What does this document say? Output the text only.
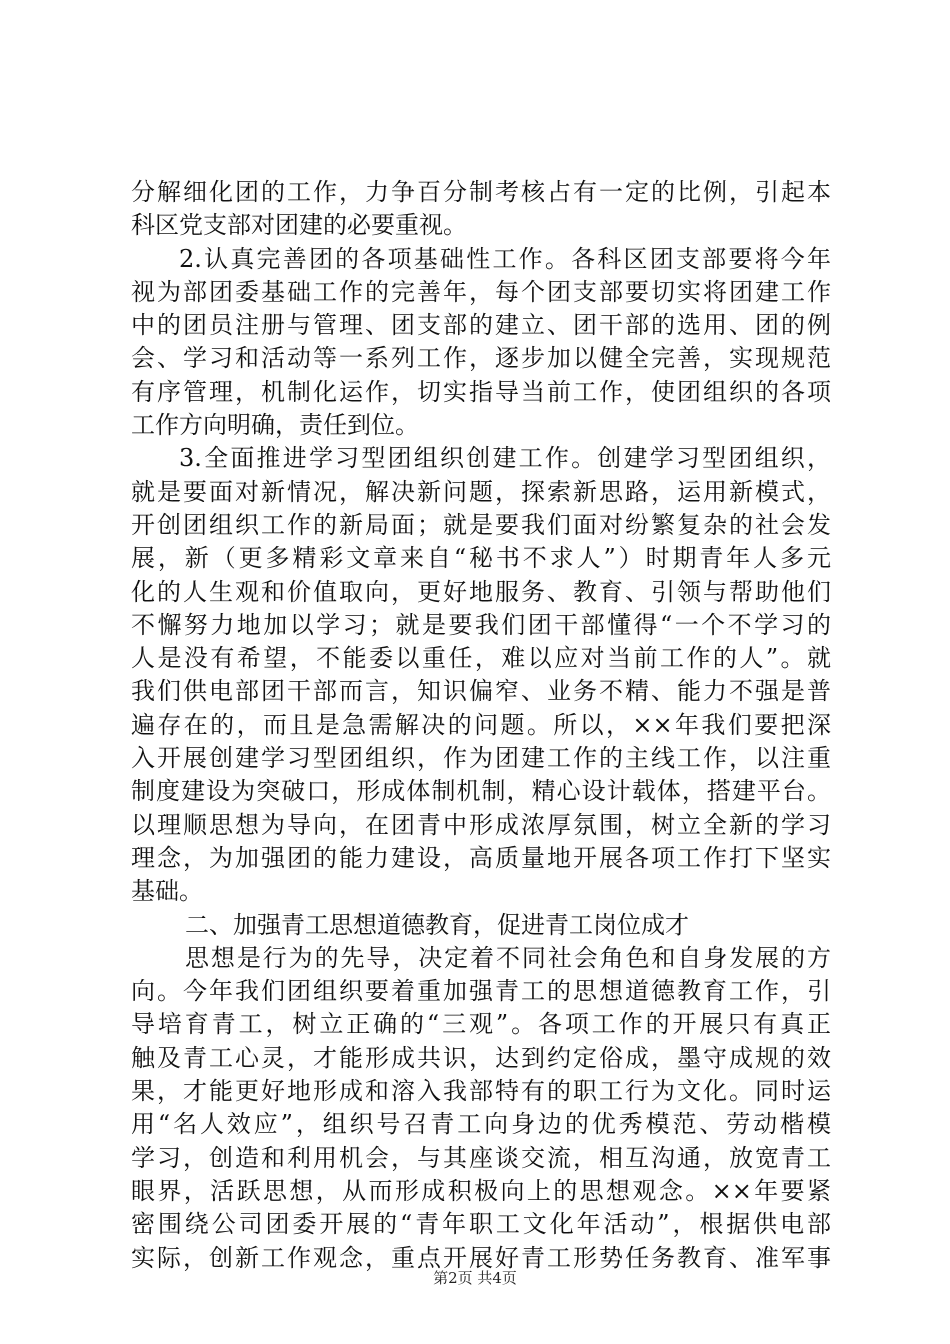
分解细化团的工作，力争百分制考核占有一定的比例，引起本
科区党支部对团建的必要重视。
2.认真完善团的各项基础性工作。各科区团支部要将今年
视为部团委基础工作的完善年，每个团支部要切实将团建工作
中的团员注册与管理、团支部的建立、团干部的选用、团的例
会、学习和活动等一系列工作，逐步加以健全完善，实现规范
有序管理，机制化运作，切实指导当前工作，使团组织的各项
工作方向明确，责任到位。
3.全面推进学习型团组织创建工作。创建学习型团组织，
就是要面对新情况，解决新问题，探索新思路，运用新模式，
开创团组织工作的新局面；就是要我们面对纷繁复杂的社会发
展，新（更多精彩文章来自“秘书不求人”）时期青年人多元
化的人生观和价值取向，更好地服务、教育、引领与帮助他们
不懈努力地加以学习；就是要我们团干部懂得“一个不学习的
人是没有希望，不能委以重任，难以应对当前工作的人”。就
我们供电部团干部而言，知识偏窄、业务不精、能力不强是普
遍存在的，而且是急需解决的问题。所以，××年我们要把深
入开展创建学习型团组织，作为团建工作的主线工作，以注重
制度建设为突破口，形成体制机制，精心设计载体，搭建平台。
以理顺思想为导向，在团青中形成浓厚氛围，树立全新的学习
理念，为加强团的能力建设，高质量地开展各项工作打下坚实
基础。
二、加强青工思想道德教育，促进青工岗位成才
思想是行为的先导，决定着不同社会角色和自身发展的方
向。今年我们团组织要着重加强青工的思想道德教育工作，引
导培育青工，树立正确的“三观”。各项工作的开展只有真正
触及青工心灵，才能形成共识，达到约定俗成，墨守成规的效
果，才能更好地形成和溶入我部特有的职工行为文化。同时运
用“名人效应”，组织号召青工向身边的优秀模范、劳动楷模
学习，创造和利用机会，与其座谈交流，相互沟通，放宽青工
眼界，活跃思想，从而形成积极向上的思想观念。××年要紧
密围绕公司团委开展的“青年职工文化年活动”，根据供电部
实际，创新工作观念，重点开展好青工形势任务教育、准军事
第2页 共4页
